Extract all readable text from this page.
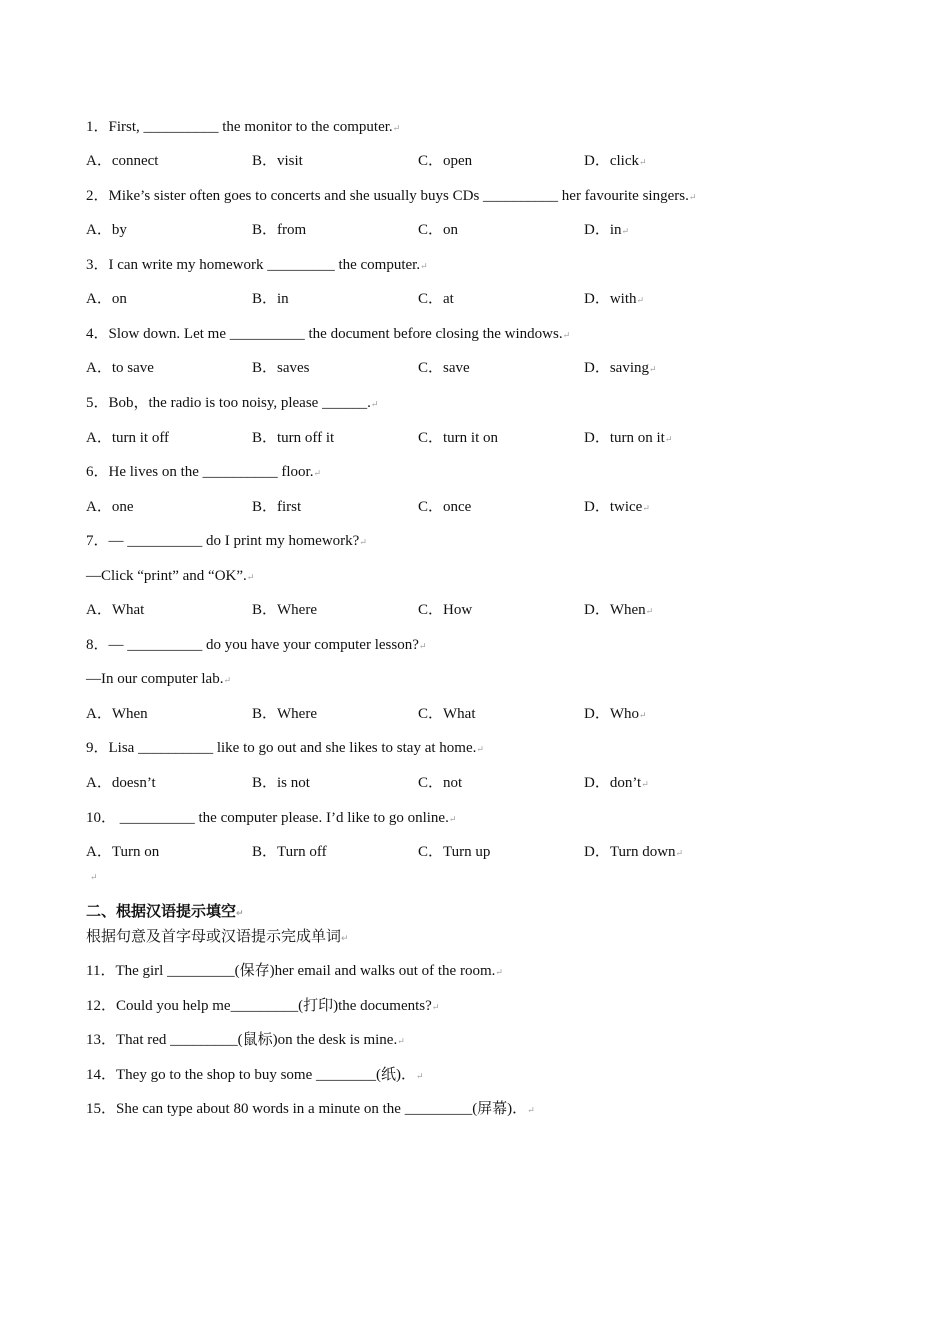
1．First, __________ the monitor to the computer.↵
A．connect	B．visit	C．open	D．click↵
2．Mike’s sister often goes to concerts and she usually buys CDs __________ her favourite singers.↵
A．by	B．from	C．on	D．in↵
3．I can write my homework _________ the computer.↵
A．on	B．in	C．at	D．with↵
4．Slow down. Let me __________ the document before closing the windows.↵
A．to save	B．saves	C．save	D．saving↵
5．Bob，the radio is too noisy, please ______.↵
A．turn it off	B．turn off it	C．turn it on	D．turn on it↵
6．He lives on the __________ floor.↵
A．one	B．first	C．once	D．twice↵
7．— __________ do I print my homework?↵
—Click “print” and “OK”.↵
A．What	B．Where	C．How	D．When↵
8．— __________ do you have your computer lesson?↵
—In our computer lab.↵
A．When	B．Where	C．What	D．Who↵
9．Lisa __________ like to go out and she likes to stay at home.↵
A．doesn’t	B．is not	C．not	D．don’t↵
10． __________ the computer please. I’d like to go online.↵
A．Turn on	B．Turn off	C．Turn up	D．Turn down↵
↵
二、根据汉语提示填空↵
根据句意及首字母或汉语提示完成单词↵
11．The girl _________(保存)her email and walks out of the room.↵
12．Could you help me_________(打印)the documents?↵
13．That red _________(鼠标)on the desk is mine.↵
14．They go to the shop to buy some ________(纸)．↵
15．She can type about 80 words in a minute on the _________(屏幕)．↵
